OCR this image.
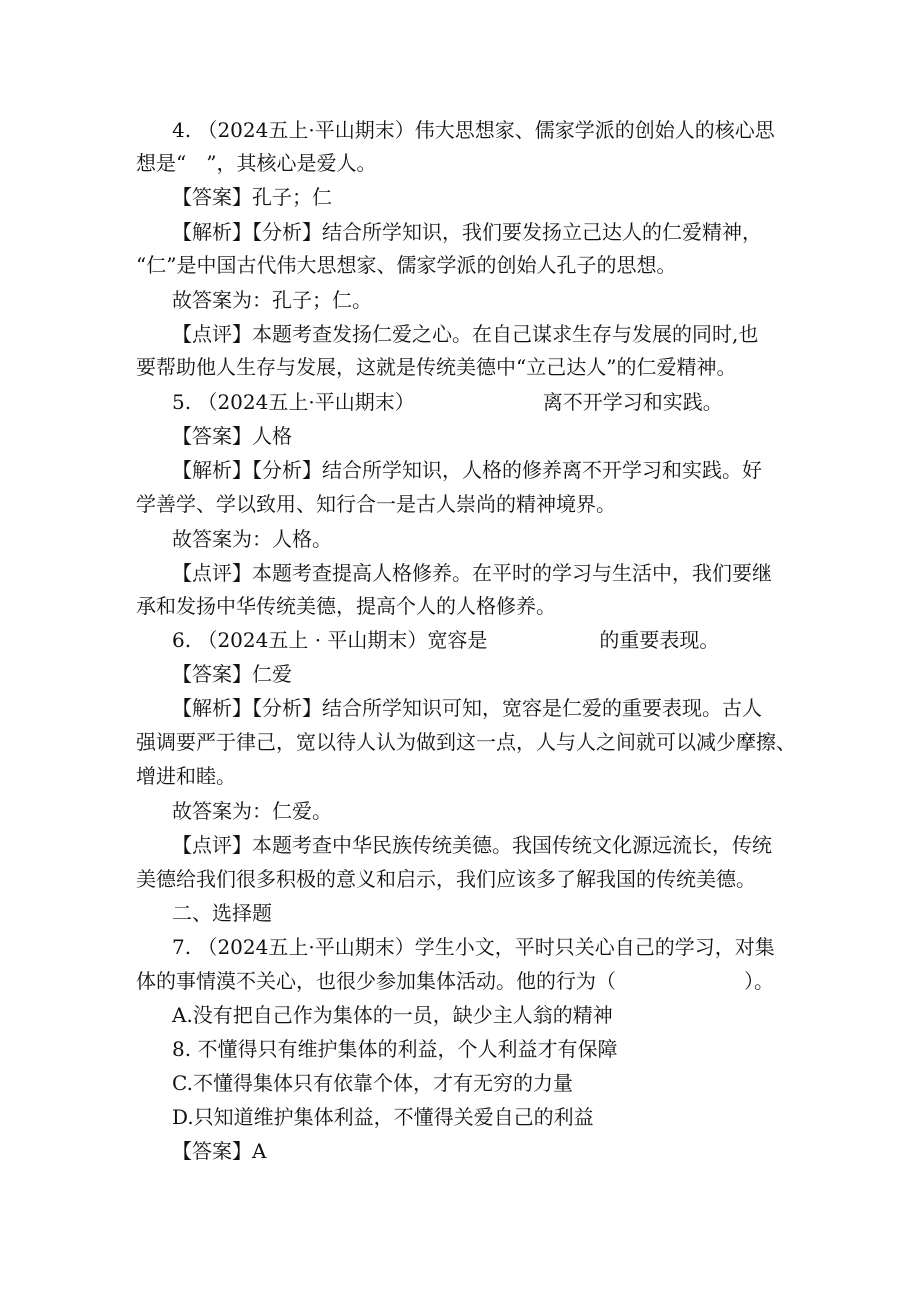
4. （2024五上·平山期末）伟大思想家、儒家学派的创始人的核心思
想是“　”，其核心是爱人。
【答案】孔子；仁
【解析】【分析】结合所学知识，我们要发扬立己达人的仁爱精神，
“仁”是中国古代伟大思想家、儒家学派的创始人孔子的思想。
故答案为：孔子；仁。
【点评】本题考查发扬仁爱之心。在自己谋求生存与发展的同时,也
要帮助他人生存与发展，这就是传统美德中“立己达人”的仁爱精神。
5. （2024五上·平山期末）	离不开学习和实践。
【答案】人格
【解析】【分析】结合所学知识，人格的修养离不开学习和实践。好
学善学、学以致用、知行合一是古人崇尚的精神境界。
故答案为：人格。
【点评】本题考查提高人格修养。在平时的学习与生活中，我们要继
承和发扬中华传统美德，提高个人的人格修养。
6. （2024五上 · 平山期末）宽容是	的重要表现。
【答案】仁爱
【解析】【分析】结合所学知识可知，宽容是仁爱的重要表现。古人
强调要严于律己，宽以待人认为做到这一点，人与人之间就可以减少摩擦、
增进和睦。
故答案为：仁爱。
【点评】本题考查中华民族传统美德。我国传统文化源远流长，传统
美德给我们很多积极的意义和启示，我们应该多了解我国的传统美德。
二、选择题
7. （2024五上·平山期末）学生小文，平时只关心自己的学习，对集
体的事情漠不关心，也很少参加集体活动。他的行为（	）。
A.没有把自己作为集体的一员，缺少主人翁的精神
8. 不懂得只有维护集体的利益，个人利益才有保障
C.不懂得集体只有依靠个体，才有无穷的力量
D.只知道维护集体利益，不懂得关爱自己的利益
【答案】A
